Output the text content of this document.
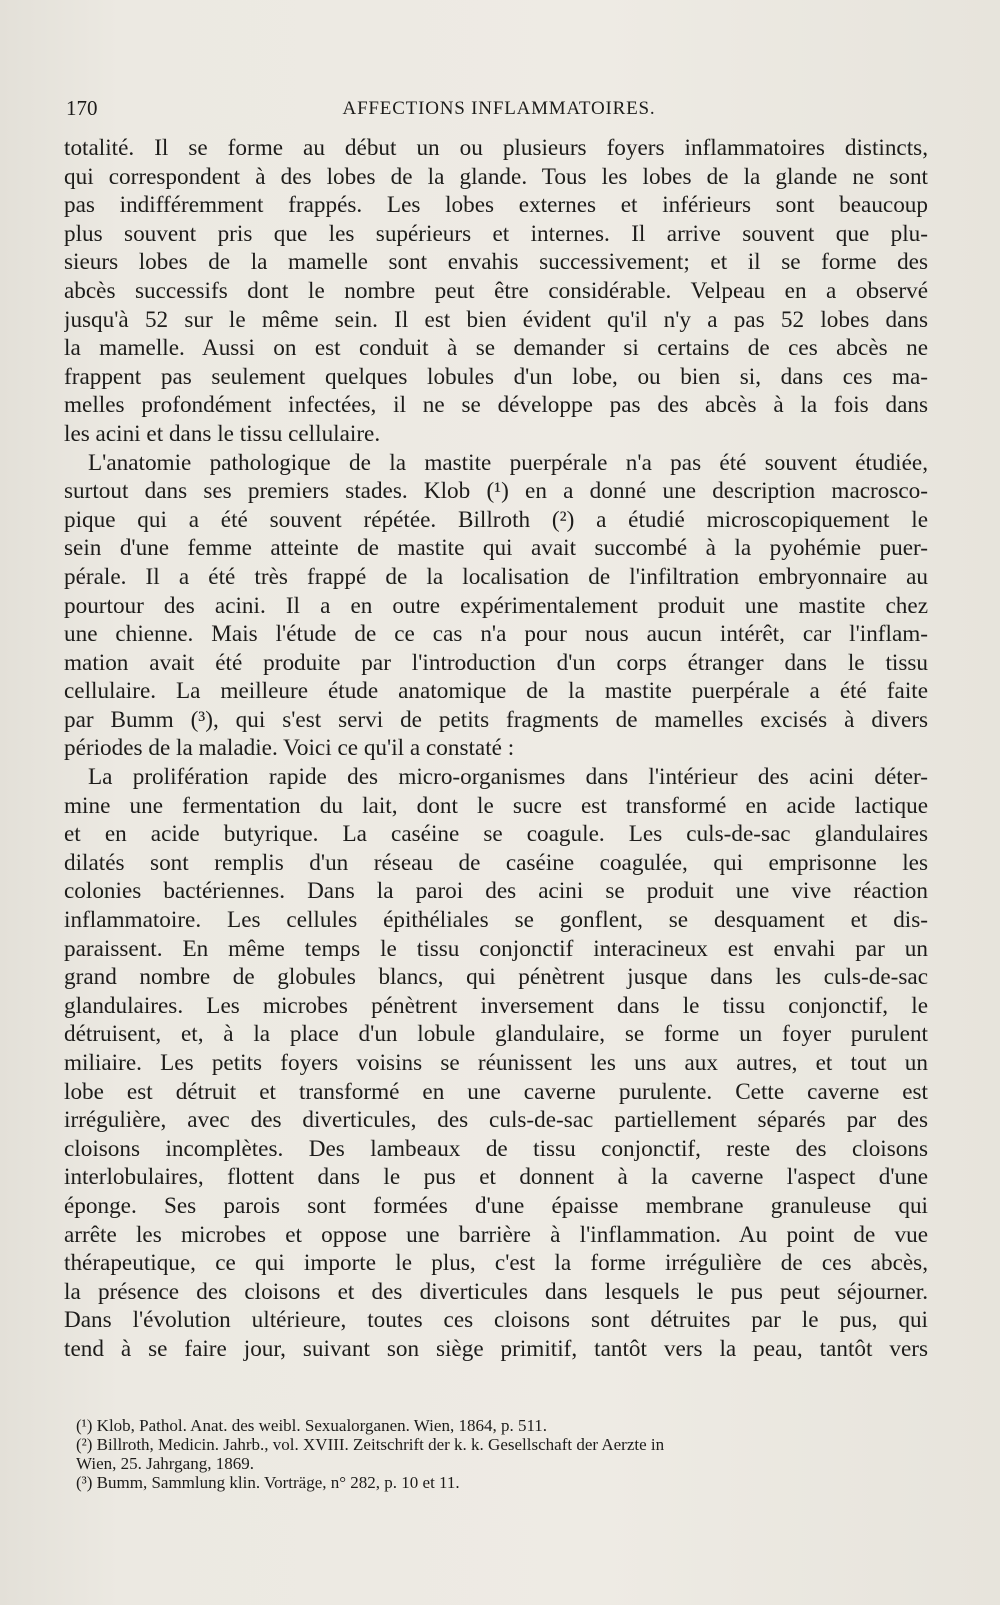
170	AFFECTIONS INFLAMMATOIRES.
totalité. Il se forme au début un ou plusieurs foyers inflammatoires distincts,
qui correspondent à des lobes de la glande. Tous les lobes de la glande ne sont
pas indifféremment frappés. Les lobes externes et inférieurs sont beaucoup
plus souvent pris que les supérieurs et internes. Il arrive souvent que plu-
sieurs lobes de la mamelle sont envahis successivement; et il se forme des
abcès successifs dont le nombre peut être considérable. Velpeau en a observé
jusqu'à 52 sur le même sein. Il est bien évident qu'il n'y a pas 52 lobes dans
la mamelle. Aussi on est conduit à se demander si certains de ces abcès ne
frappent pas seulement quelques lobules d'un lobe, ou bien si, dans ces ma-
melles profondément infectées, il ne se développe pas des abcès à la fois dans
les acini et dans le tissu cellulaire.
L'anatomie pathologique de la mastite puerpérale n'a pas été souvent étudiée,
surtout dans ses premiers stades. Klob (¹) en a donné une description macrosco-
pique qui a été souvent répétée. Billroth (²) a étudié microscopiquement le
sein d'une femme atteinte de mastite qui avait succombé à la pyohémie puer-
pérale. Il a été très frappé de la localisation de l'infiltration embryonnaire au
pourtour des acini. Il a en outre expérimentalement produit une mastite chez
une chienne. Mais l'étude de ce cas n'a pour nous aucun intérêt, car l'inflam-
mation avait été produite par l'introduction d'un corps étranger dans le tissu
cellulaire. La meilleure étude anatomique de la mastite puerpérale a été faite
par Bumm (³), qui s'est servi de petits fragments de mamelles excisés à divers
périodes de la maladie. Voici ce qu'il a constaté :
La prolifération rapide des micro-organismes dans l'intérieur des acini déter-
mine une fermentation du lait, dont le sucre est transformé en acide lactique
et en acide butyrique. La caséine se coagule. Les culs-de-sac glandulaires
dilatés sont remplis d'un réseau de caséine coagulée, qui emprisonne les
colonies bactériennes. Dans la paroi des acini se produit une vive réaction
inflammatoire. Les cellules épithéliales se gonflent, se desquament et dis-
paraissent. En même temps le tissu conjonctif interacineux est envahi par un
grand nombre de globules blancs, qui pénètrent jusque dans les culs-de-sac
glandulaires. Les microbes pénètrent inversement dans le tissu conjonctif, le
détruisent, et, à la place d'un lobule glandulaire, se forme un foyer purulent
miliaire. Les petits foyers voisins se réunissent les uns aux autres, et tout un
lobe est détruit et transformé en une caverne purulente. Cette caverne est
irrégulière, avec des diverticules, des culs-de-sac partiellement séparés par des
cloisons incomplètes. Des lambeaux de tissu conjonctif, reste des cloisons
interlobulaires, flottent dans le pus et donnent à la caverne l'aspect d'une
éponge. Ses parois sont formées d'une épaisse membrane granuleuse qui
arrête les microbes et oppose une barrière à l'inflammation. Au point de vue
thérapeutique, ce qui importe le plus, c'est la forme irrégulière de ces abcès,
la présence des cloisons et des diverticules dans lesquels le pus peut séjourner.
Dans l'évolution ultérieure, toutes ces cloisons sont détruites par le pus, qui
tend à se faire jour, suivant son siège primitif, tantôt vers la peau, tantôt vers
(¹) Klob, Pathol. Anat. des weibl. Sexualorganen. Wien, 1864, p. 511.
(²) Billroth, Medicin. Jahrb., vol. XVIII. Zeitschrift der k. k. Gesellschaft der Aerzte in
Wien, 25. Jahrgang, 1869.
(³) Bumm, Sammlung klin. Vorträge, n° 282, p. 10 et 11.
